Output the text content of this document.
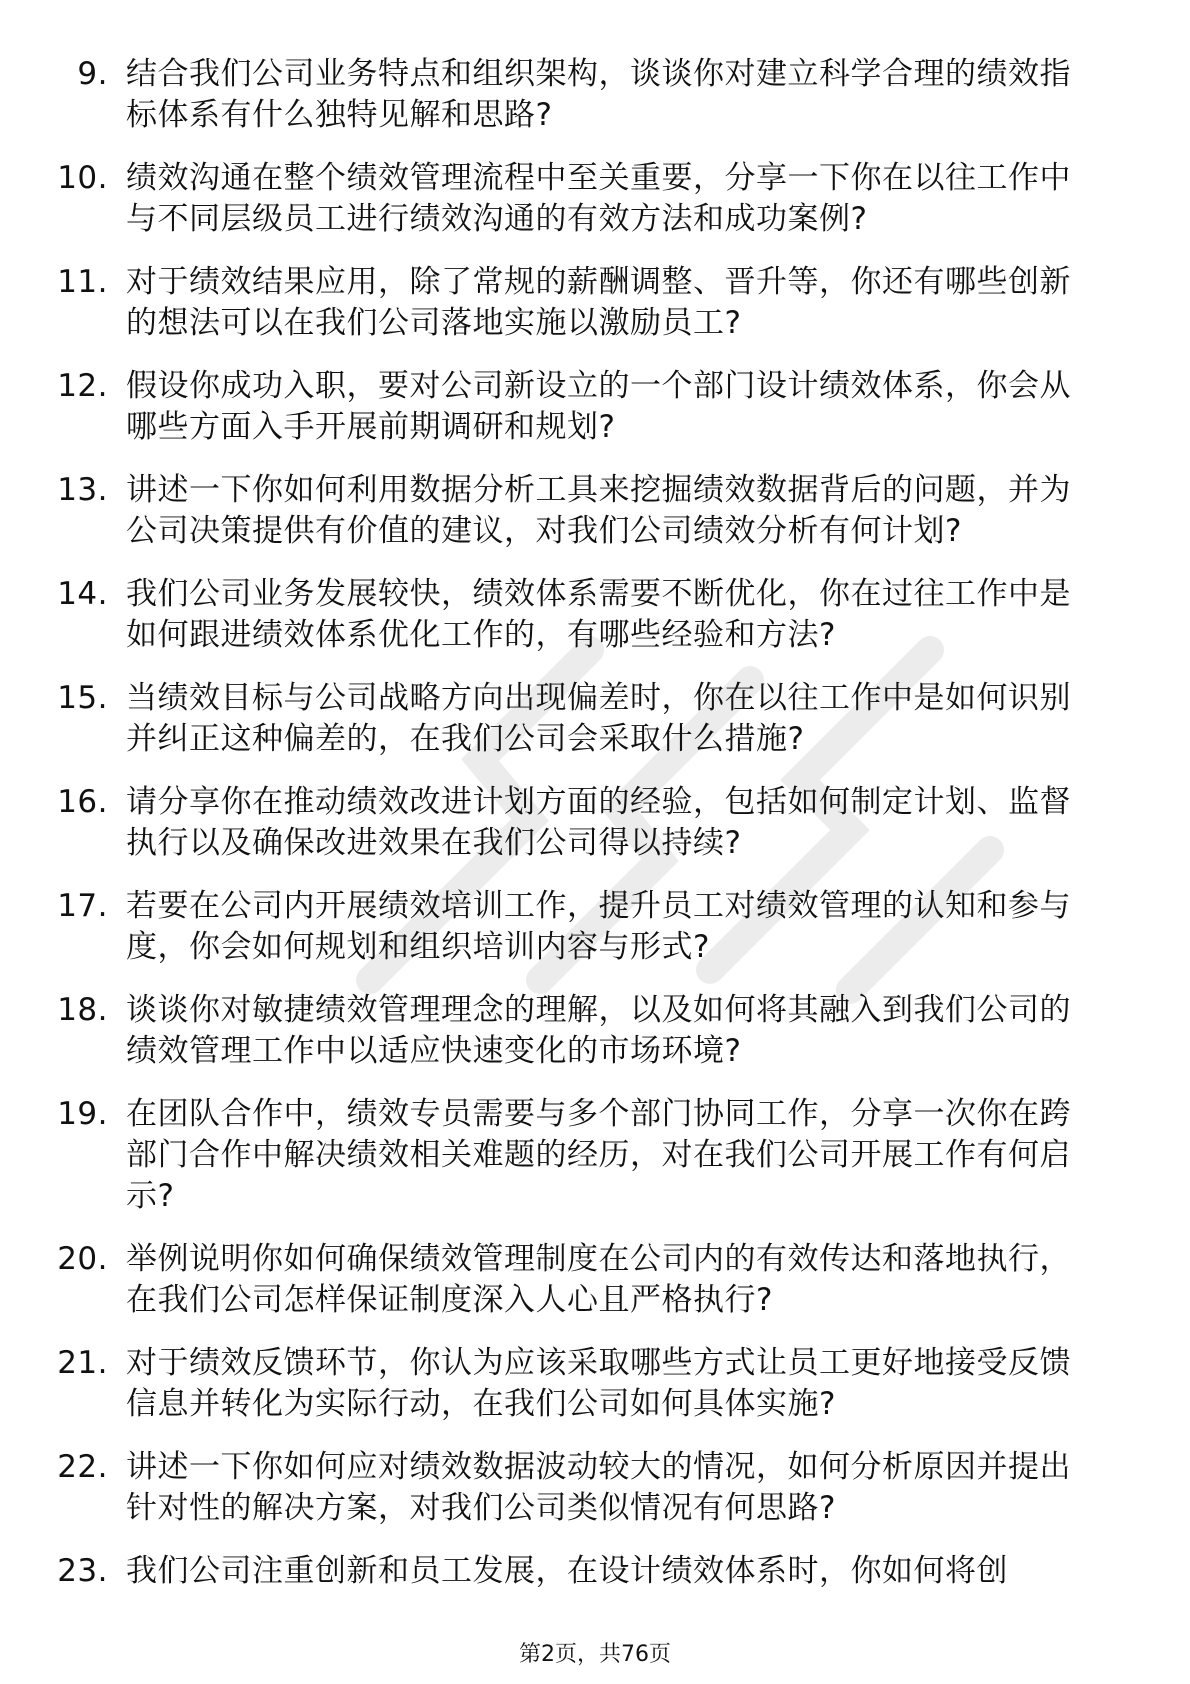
9. 结合我们公司业务特点和组织架构，谈谈你对建立科学合理的绩效指标体系有什么独特见解和思路?
10. 绩效沟通在整个绩效管理流程中至关重要，分享一下你在以往工作中与不同层级员工进行绩效沟通的有效方法和成功案例?
11. 对于绩效结果应用，除了常规的薪酬调整、晋升等，你还有哪些创新的想法可以在我们公司落地实施以激励员工?
12. 假设你成功入职，要对公司新设立的一个部门设计绩效体系，你会从哪些方面入手开展前期调研和规划?
13. 讲述一下你如何利用数据分析工具来挖掘绩效数据背后的问题，并为公司决策提供有价值的建议，对我们公司绩效分析有何计划?
14. 我们公司业务发展较快，绩效体系需要不断优化，你在过往工作中是如何跟进绩效体系优化工作的，有哪些经验和方法?
15. 当绩效目标与公司战略方向出现偏差时，你在以往工作中是如何识别并纠正这种偏差的，在我们公司会采取什么措施?
16. 请分享你在推动绩效改进计划方面的经验，包括如何制定计划、监督执行以及确保改进效果在我们公司得以持续?
17. 若要在公司内开展绩效培训工作，提升员工对绩效管理的认知和参与度，你会如何规划和组织培训内容与形式?
18. 谈谈你对敏捷绩效管理理念的理解，以及如何将其融入到我们公司的绩效管理工作中以适应快速变化的市场环境?
19. 在团队合作中，绩效专员需要与多个部门协同工作，分享一次你在跨部门合作中解决绩效相关难题的经历，对在我们公司开展工作有何启示?
20. 举例说明你如何确保绩效管理制度在公司内的有效传达和落地执行，在我们公司怎样保证制度深入人心且严格执行?
21. 对于绩效反馈环节，你认为应该采取哪些方式让员工更好地接受反馈信息并转化为实际行动，在我们公司如何具体实施?
22. 讲述一下你如何应对绩效数据波动较大的情况，如何分析原因并提出针对性的解决方案，对我们公司类似情况有何思路?
23. 我们公司注重创新和员工发展，在设计绩效体系时，你如何将创
第2页，共76页
